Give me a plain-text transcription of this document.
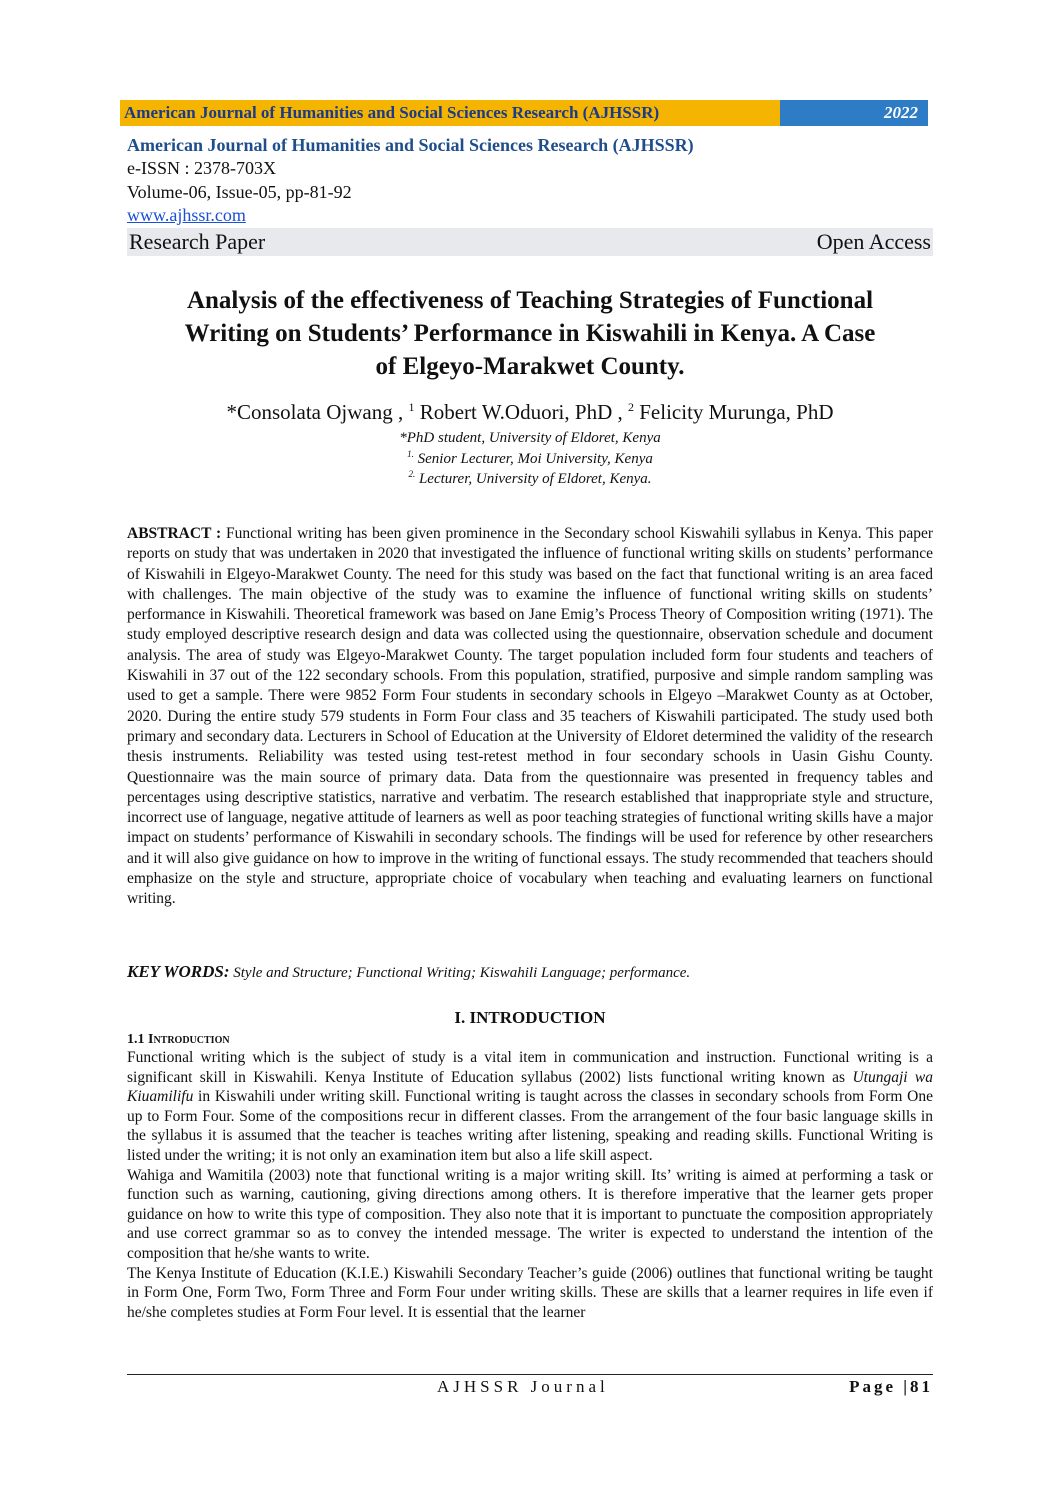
American Journal of Humanities and Social Sciences Research (AJHSSR)	2022
American Journal of Humanities and Social Sciences Research (AJHSSR)
e-ISSN : 2378-703X
Volume-06, Issue-05, pp-81-92
www.ajhssr.com
Research Paper	Open Access
Analysis of the effectiveness of Teaching Strategies of Functional
Writing on Students’ Performance in Kiswahili in Kenya. A Case
of Elgeyo-Marakwet County.
*Consolata Ojwang , $^1$ Robert W.Oduori, PhD , $^2$ Felicity Murunga, PhD
*PhD student, University of Eldoret, Kenya
$^{1.}$ Senior Lecturer, Moi University, Kenya
$^{2.}$ Lecturer, University of Eldoret, Kenya.
ABSTRACT : Functional writing has been given prominence in the Secondary school Kiswahili syllabus in Kenya. This paper reports on study that was undertaken in 2020 that investigated the influence of functional writing skills on students’ performance of Kiswahili in Elgeyo-Marakwet County. The need for this study was based on the fact that functional writing is an area faced with challenges. The main objective of the study was to examine the influence of functional writing skills on students’ performance in Kiswahili. Theoretical framework was based on Jane Emig’s Process Theory of Composition writing (1971). The study employed descriptive research design and data was collected using the questionnaire, observation schedule and document analysis. The area of study was Elgeyo-Marakwet County. The target population included form four students and teachers of Kiswahili in 37 out of the 122 secondary schools. From this population, stratified, purposive and simple random sampling was used to get a sample. There were 9852 Form Four students in secondary schools in Elgeyo –Marakwet County as at October, 2020. During the entire study 579 students in Form Four class and 35 teachers of Kiswahili participated. The study used both primary and secondary data. Lecturers in School of Education at the University of Eldoret determined the validity of the research thesis instruments. Reliability was tested using test-retest method in four secondary schools in Uasin Gishu County. Questionnaire was the main source of primary data. Data from the questionnaire was presented in frequency tables and percentages using descriptive statistics, narrative and verbatim. The research established that inappropriate style and structure, incorrect use of language, negative attitude of learners as well as poor teaching strategies of functional writing skills have a major impact on students’ performance of Kiswahili in secondary schools. The findings will be used for reference by other researchers and it will also give guidance on how to improve in the writing of functional essays. The study recommended that teachers should emphasize on the style and structure, appropriate choice of vocabulary when teaching and evaluating learners on functional writing.
KEY WORDS: Style and Structure; Functional Writing; Kiswahili Language; performance.
I. INTRODUCTION
1.1 Introduction

Functional writing which is the subject of study is a vital item in communication and instruction. Functional writing is a significant skill in Kiswahili. Kenya Institute of Education syllabus (2002) lists functional writing known as Utungaji wa Kiuamilifu in Kiswahili under writing skill. Functional writing is taught across the classes in secondary schools from Form One up to Form Four. Some of the compositions recur in different classes. From the arrangement of the four basic language skills in the syllabus it is assumed that the teacher is teaches writing after listening, speaking and reading skills. Functional Writing is listed under the writing; it is not only an examination item but also a life skill aspect.

Wahiga and Wamitila (2003) note that functional writing is a major writing skill. Its’ writing is aimed at performing a task or function such as warning, cautioning, giving directions among others. It is therefore imperative that the learner gets proper guidance on how to write this type of composition. They also note that it is important to punctuate the composition appropriately and use correct grammar so as to convey the intended message. The writer is expected to understand the intention of the composition that he/she wants to write.

The Kenya Institute of Education (K.I.E.) Kiswahili Secondary Teacher’s guide (2006) outlines that functional writing be taught in Form One, Form Two, Form Three and Form Four under writing skills. These are skills that a learner requires in life even if he/she completes studies at Form Four level. It is essential that the learner

AJHSSR Journal	Page |81
